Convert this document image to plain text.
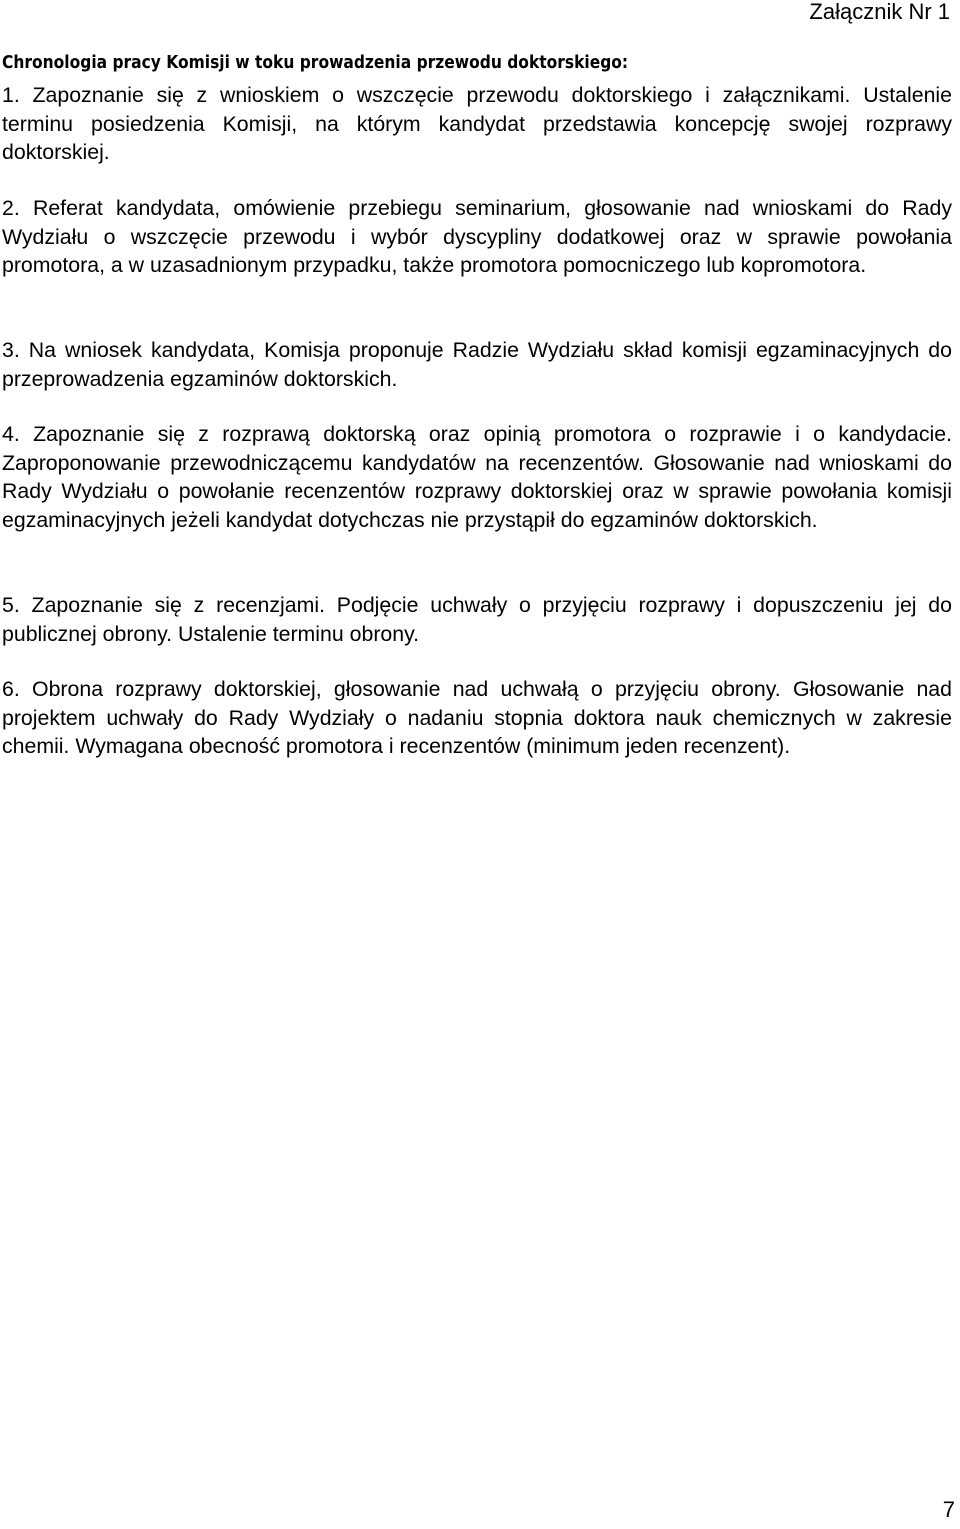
Załącznik Nr 1
Chronologia pracy Komisji w toku prowadzenia przewodu doktorskiego:

1. Zapoznanie się z wnioskiem o wszczęcie przewodu doktorskiego i załącznikami. Ustalenie terminu posiedzenia Komisji, na którym kandydat przedstawia koncepcję swojej rozprawy doktorskiej.

2. Referat kandydata, omówienie przebiegu seminarium, głosowanie nad wnioskami do Rady Wydziału o wszczęcie przewodu i wybór dyscypliny dodatkowej oraz w sprawie powołania promotora, a w uzasadnionym przypadku, także promotora pomocniczego lub kopromotora.

3. Na wniosek kandydata, Komisja proponuje Radzie Wydziału skład komisji egzaminacyjnych do przeprowadzenia egzaminów doktorskich.

4. Zapoznanie się z rozprawą doktorską oraz opinią promotora o rozprawie i o kandydacie. Zaproponowanie przewodniczącemu kandydatów na recenzentów. Głosowanie nad wnioskami do Rady Wydziału o powołanie recenzentów rozprawy doktorskiej oraz w sprawie powołania komisji egzaminacyjnych jeżeli kandydat dotychczas nie przystąpił do egzaminów doktorskich.

5. Zapoznanie się z recenzjami. Podjęcie uchwały o przyjęciu rozprawy i dopuszczeniu jej do publicznej obrony. Ustalenie terminu obrony.

6. Obrona rozprawy doktorskiej, głosowanie nad uchwałą o przyjęciu obrony. Głosowanie nad projektem uchwały do Rady Wydziały o nadaniu stopnia doktora nauk chemicznych w zakresie chemii. Wymagana obecność promotora i recenzentów (minimum jeden recenzent).

7
